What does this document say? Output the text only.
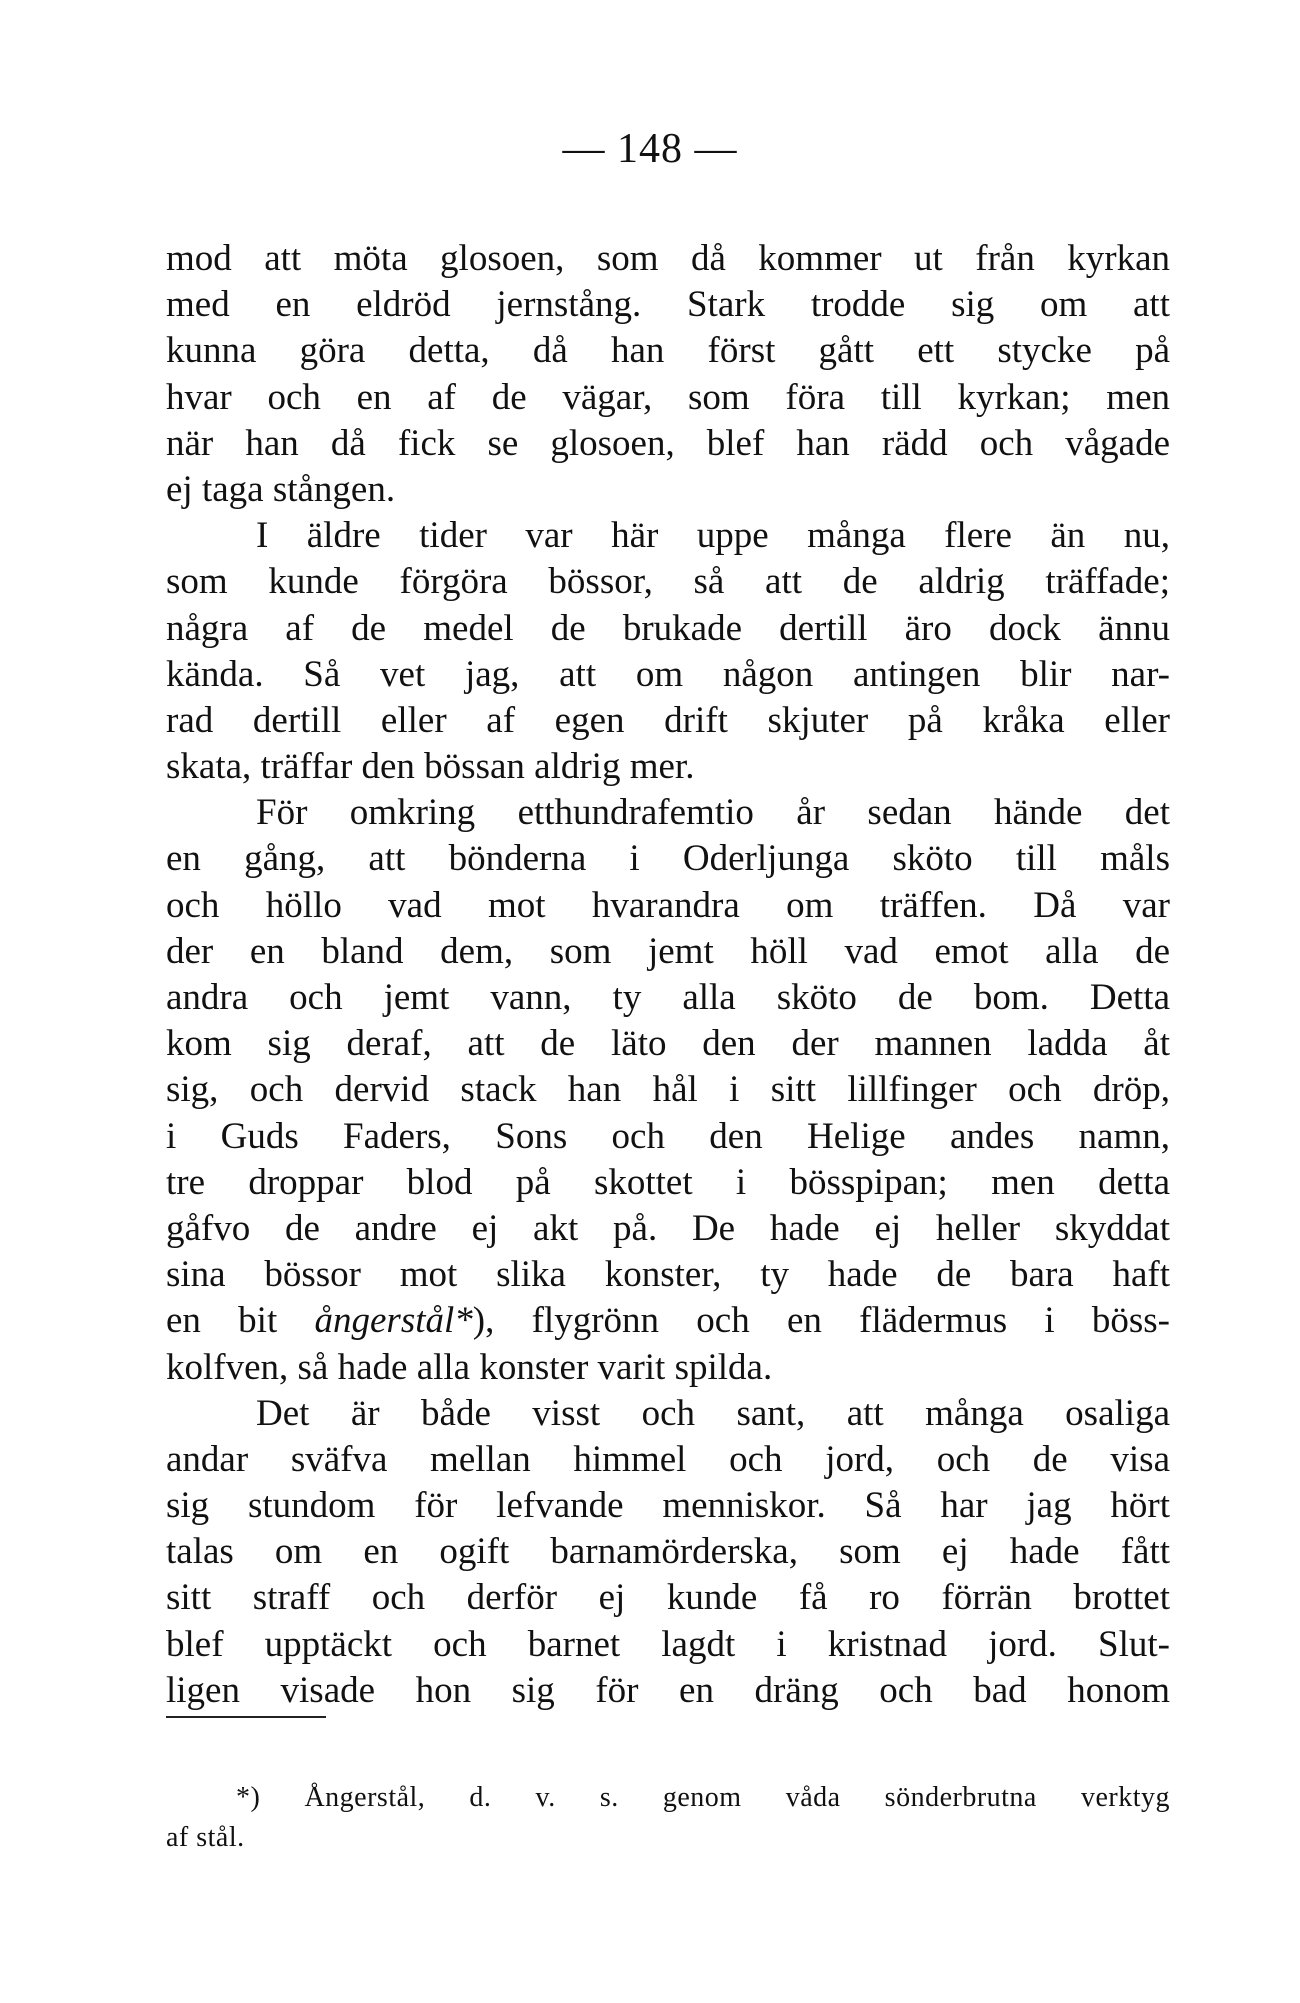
— 148 —
mod att möta glosoen, som då kommer ut från kyrkan
med en eldröd jernstång. Stark trodde sig om att
kunna göra detta, då han först gått ett stycke på
hvar och en af de vägar, som föra till kyrkan; men
när han då fick se glosoen, blef han rädd och vågade
ej taga stången.
I äldre tider var här uppe många flere än nu,
som kunde förgöra bössor, så att de aldrig träffade;
några af de medel de brukade dertill äro dock ännu
kända. Så vet jag, att om någon antingen blir nar-
rad dertill eller af egen drift skjuter på kråka eller
skata, träffar den bössan aldrig mer.
För omkring etthundrafemtio år sedan hände det
en gång, att bönderna i Oderljunga sköto till måls
och höllo vad mot hvarandra om träffen. Då var
der en bland dem, som jemt höll vad emot alla de
andra och jemt vann, ty alla sköto de bom. Detta
kom sig deraf, att de läto den der mannen ladda åt
sig, och dervid stack han hål i sitt lillfinger och dröp,
i Guds Faders, Sons och den Helige andes namn,
tre droppar blod på skottet i bösspipan; men detta
gåfvo de andre ej akt på. De hade ej heller skyddat
sina bössor mot slika konster, ty hade de bara haft
en bit ångerstål*), flygrönn och en flädermus i böss-
kolfven, så hade alla konster varit spilda.
Det är både visst och sant, att många osaliga
andar sväfva mellan himmel och jord, och de visa
sig stundom för lefvande menniskor. Så har jag hört
talas om en ogift barnamörderska, som ej hade fått
sitt straff och derför ej kunde få ro förrän brottet
blef upptäckt och barnet lagdt i kristnad jord. Slut-
ligen visade hon sig för en dräng och bad honom
*) Ångerstål, d. v. s. genom våda sönderbrutna verktyg
af stål.
